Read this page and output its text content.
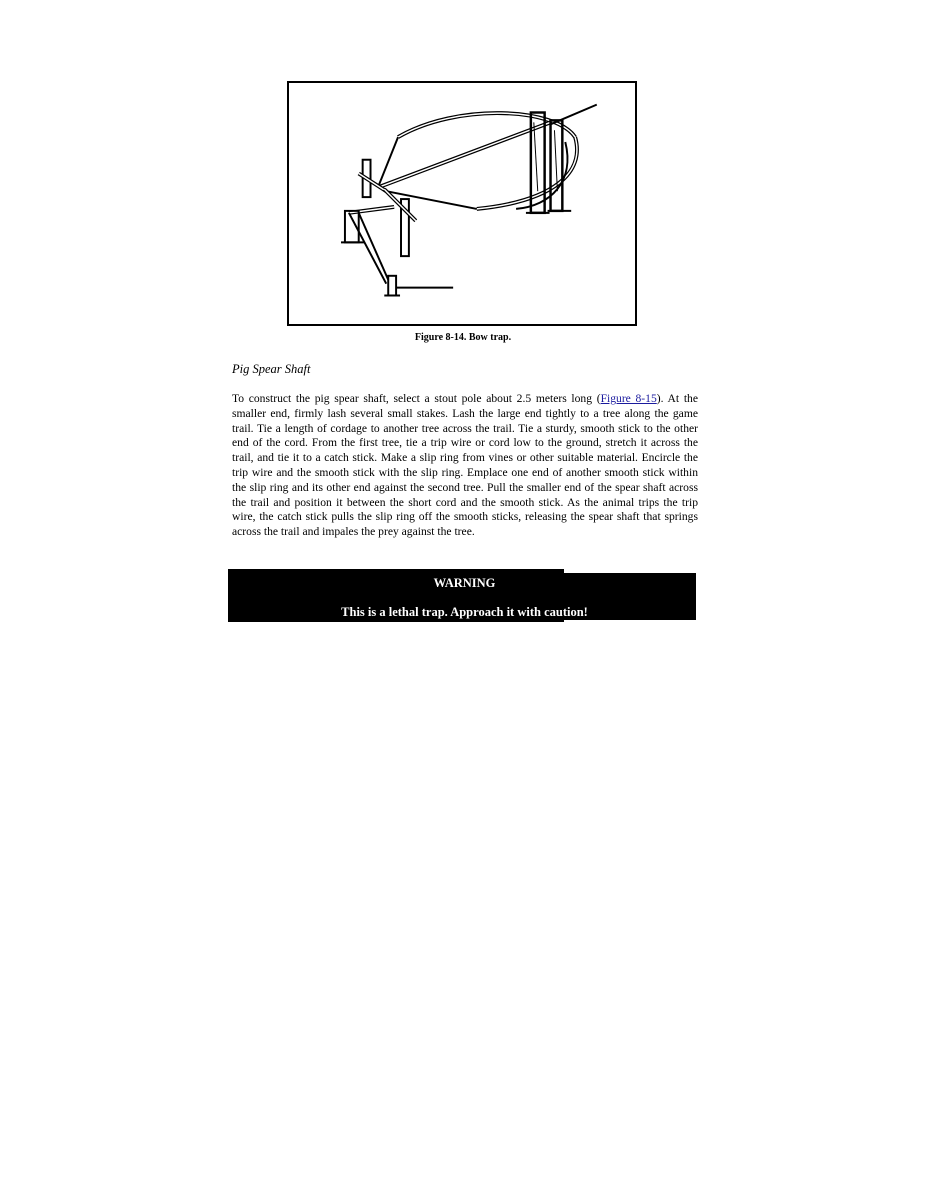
Figure 8-14. Bow trap.
Pig Spear Shaft
To construct the pig spear shaft, select a stout pole about 2.5 meters long (Figure 8-15). At the smaller end, firmly lash several small stakes. Lash the large end tightly to a tree along the game trail. Tie a length of cordage to another tree across the trail. Tie a sturdy, smooth stick to the other end of the cord. From the first tree, tie a trip wire or cord low to the ground, stretch it across the trail, and tie it to a catch stick. Make a slip ring from vines or other suitable material. Encircle the trip wire and the smooth stick with the slip ring. Emplace one end of another smooth stick within the slip ring and its other end against the second tree. Pull the smaller end of the spear shaft across the trail and position it between the short cord and the smooth stick. As the animal trips the trip wire, the catch stick pulls the slip ring off the smooth sticks, releasing the spear shaft that springs across the trail and impales the prey against the tree.
WARNING
This is a lethal trap. Approach it with caution!
